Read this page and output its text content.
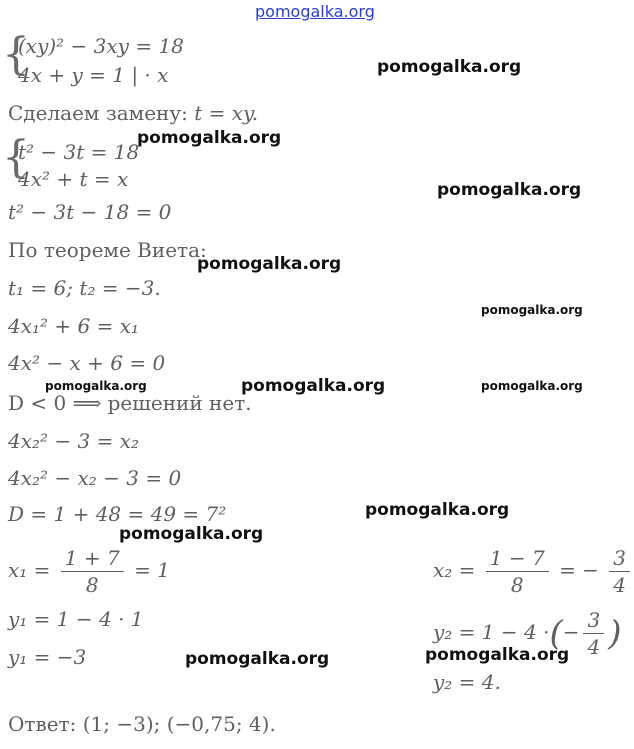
pomogalka.org
pomogalka.org
pomogalka.org
pomogalka.org
pomogalka.org
pomogalka.org
pomogalka.org	pomogalka.org	pomogalka.org
pomogalka.org
pomogalka.org
pomogalka.org	pomogalka.org
{
(xy)² − 3xy = 18
4x + y = 1 | · x
Сделаем замену: t = xy.
{
t² − 3t = 18
4x² + t = x
t² − 3t − 18 = 0
По теореме Виета:
t₁ = 6; t₂ = −3.
4x₁² + 6 = x₁
4x² − x + 6 = 0
D < 0 ⟹ решений нет.
4x₂² − 3 = x₂
4x₂² − x₂ − 3 = 0
D = 1 + 48 = 49 = 7²
$x_1 = \frac{1 + 7}{8} = 1$	$x_2 = \frac{1 - 7}{8}$ = − $\frac{3}{4}$
y₁ = 1 − 4 · 1
y₁ = −3
y₂ = 1 − 4 ·(− $\frac{3}{4}$ )
y₂ = 4.
Ответ: (1; −3); (−0,75; 4).
